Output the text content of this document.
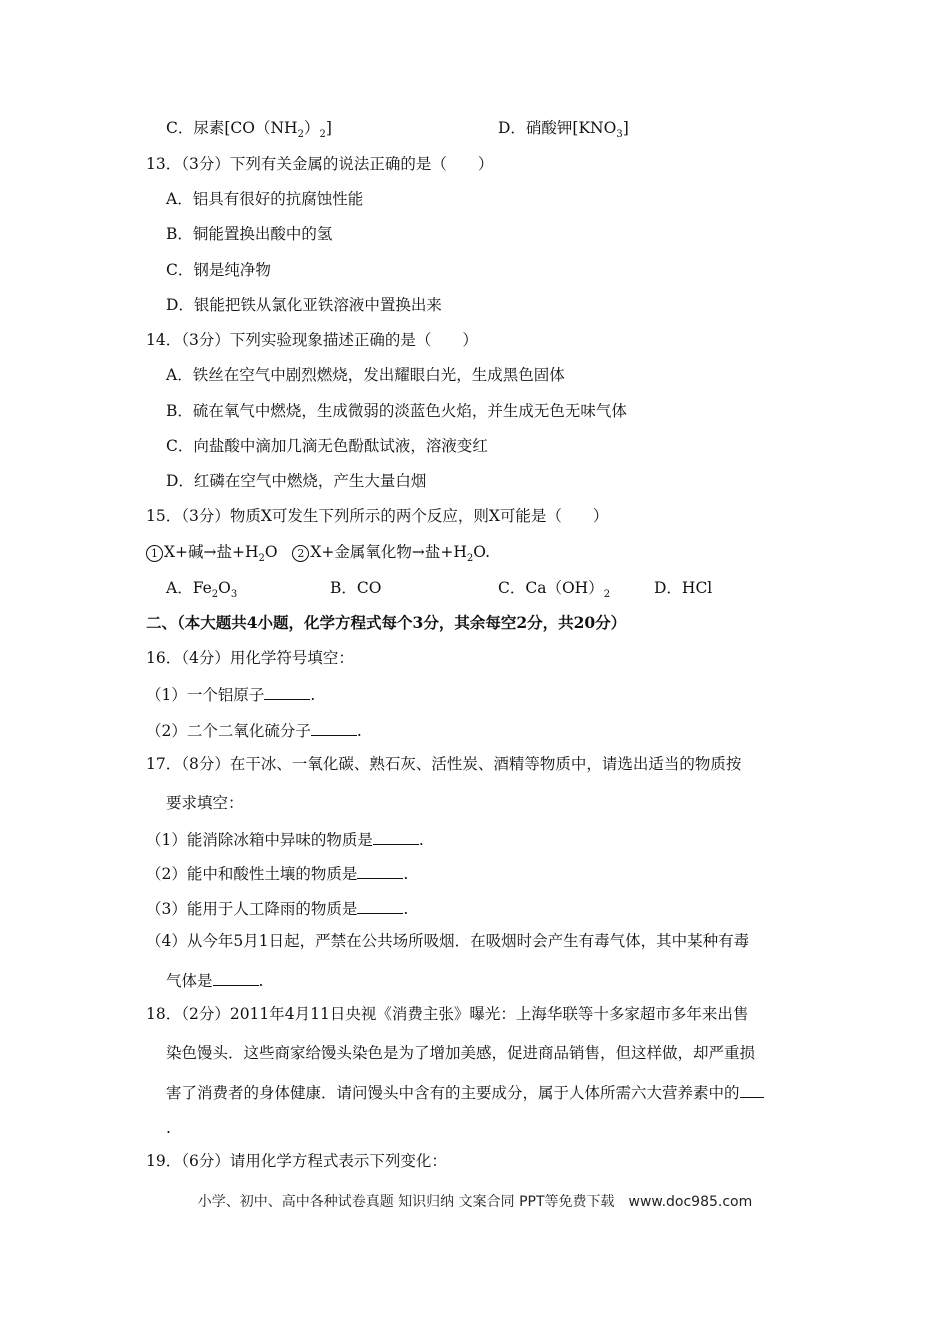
C．尿素$[CO(NH_2)_2]$	D．硝酸钾$[KNO_3]$
13．（3分）下列有关金属的说法正确的是（　　）
A．铝具有很好的抗腐蚀性能
B．铜能置换出酸中的氢
C．钢是纯净物
D．银能把铁从氯化亚铁溶液中置换出来
14．（3分）下列实验现象描述正确的是（　　）
A．铁丝在空气中剧烈燃烧，发出耀眼白光，生成黑色固体
B．硫在氧气中燃烧，生成微弱的淡蓝色火焰，并生成无色无味气体
C．向盐酸中滴加几滴无色酚酞试液，溶液变红
D．红磷在空气中燃烧，产生大量白烟
15．（3分）物质X可发生下列所示的两个反应，则X可能是（　　）
1 X+碱→盐$+H_2O$ 2 X+金属氧化物→盐$+H_2O$.
A．$Fe_2O_3$	B．CO	C．$Ca(OH)_2$	D．HCl
二、（本大题共4小题，化学方程式每个3分，其余每空2分，共20分）
16．（4分）用化学符号填空：
（1）一个铝原子	.
（2）二个二氧化硫分子	.
17．（8分）在干冰、一氧化碳、熟石灰、活性炭、酒精等物质中，请选出适当的物质按
要求填空：
（1）能消除冰箱中异味的物质是	.
（2）能中和酸性土壤的物质是	.
（3）能用于人工降雨的物质是	.
（4）从今年5月1日起，严禁在公共场所吸烟．在吸烟时会产生有毒气体，其中某种有毒
气体是	.
18．（2分）2011年4月11日央视《消费主张》曝光：上海华联等十多家超市多年来出售
染色馒头．这些商家给馒头染色是为了增加美感，促进商品销售，但这样做，却严重损
害了消费者的身体健康．请问馒头中含有的主要成分，属于人体所需六大营养素中的
.
19．（6分）请用化学方程式表示下列变化：
小学、初中、高中各种试卷真题 知识归纳 文案合同 PPT等免费下载　www.doc985.com
